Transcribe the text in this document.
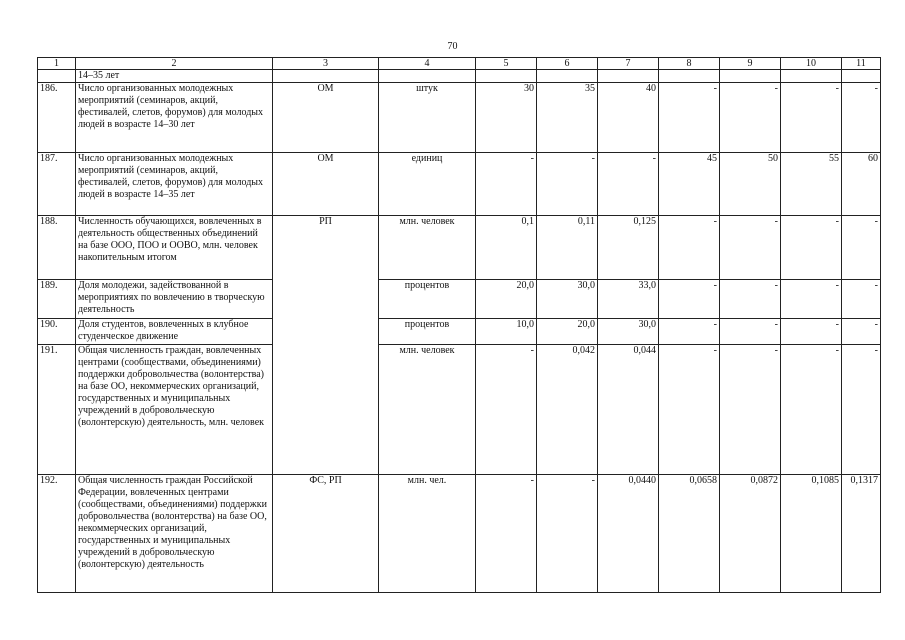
70
1	2	3	4	5	6	7	8	9	10	11
	14–35 лет									
186.	Число организованных молодежных мероприятий (семинаров, акций, фестивалей, слетов, форумов) для молодых людей в возрасте 14–30 лет	ОМ	штук	30	35	40	-	-	-	-
187.	Число организованных молодежных мероприятий (семинаров, акций, фестивалей, слетов, форумов) для молодых людей в возрасте 14–35 лет	ОМ	единиц	-	-	-	45	50	55	60
188.	Численность обучающихся, вовлеченных в деятельность общественных объединений на базе ООО, ПОО и ООВО, млн. человек накопительным итогом	РП	млн. человек	0,1	0,11	0,125	-	-	-	-
189.	Доля молодежи, задействованной в мероприятиях по вовлечению в творческую деятельность		процентов	20,0	30,0	33,0	-	-	-	-
190.	Доля студентов, вовлеченных в клубное студенческое движение		процентов	10,0	20,0	30,0	-	-	-	-
191.	Общая численность граждан, вовлеченных центрами (сообществами, объединениями) поддержки добровольчества (волонтерства) на базе ОО, некоммерческих организаций, государственных и муниципальных учреждений в добровольческую (волонтерскую) деятельность, млн. человек		млн. человек	-	0,042	0,044	-	-	-	-
192.	Общая численность граждан Российской Федерации, вовлеченных центрами (сообществами, объединениями) поддержки добровольчества (волонтерства) на базе ОО, некоммерческих организаций, государственных и муниципальных учреждений в добровольческую (волонтерскую) деятельность	ФС, РП	млн. чел.	-	-	0,0440	0,0658	0,0872	0,1085	0,1317
